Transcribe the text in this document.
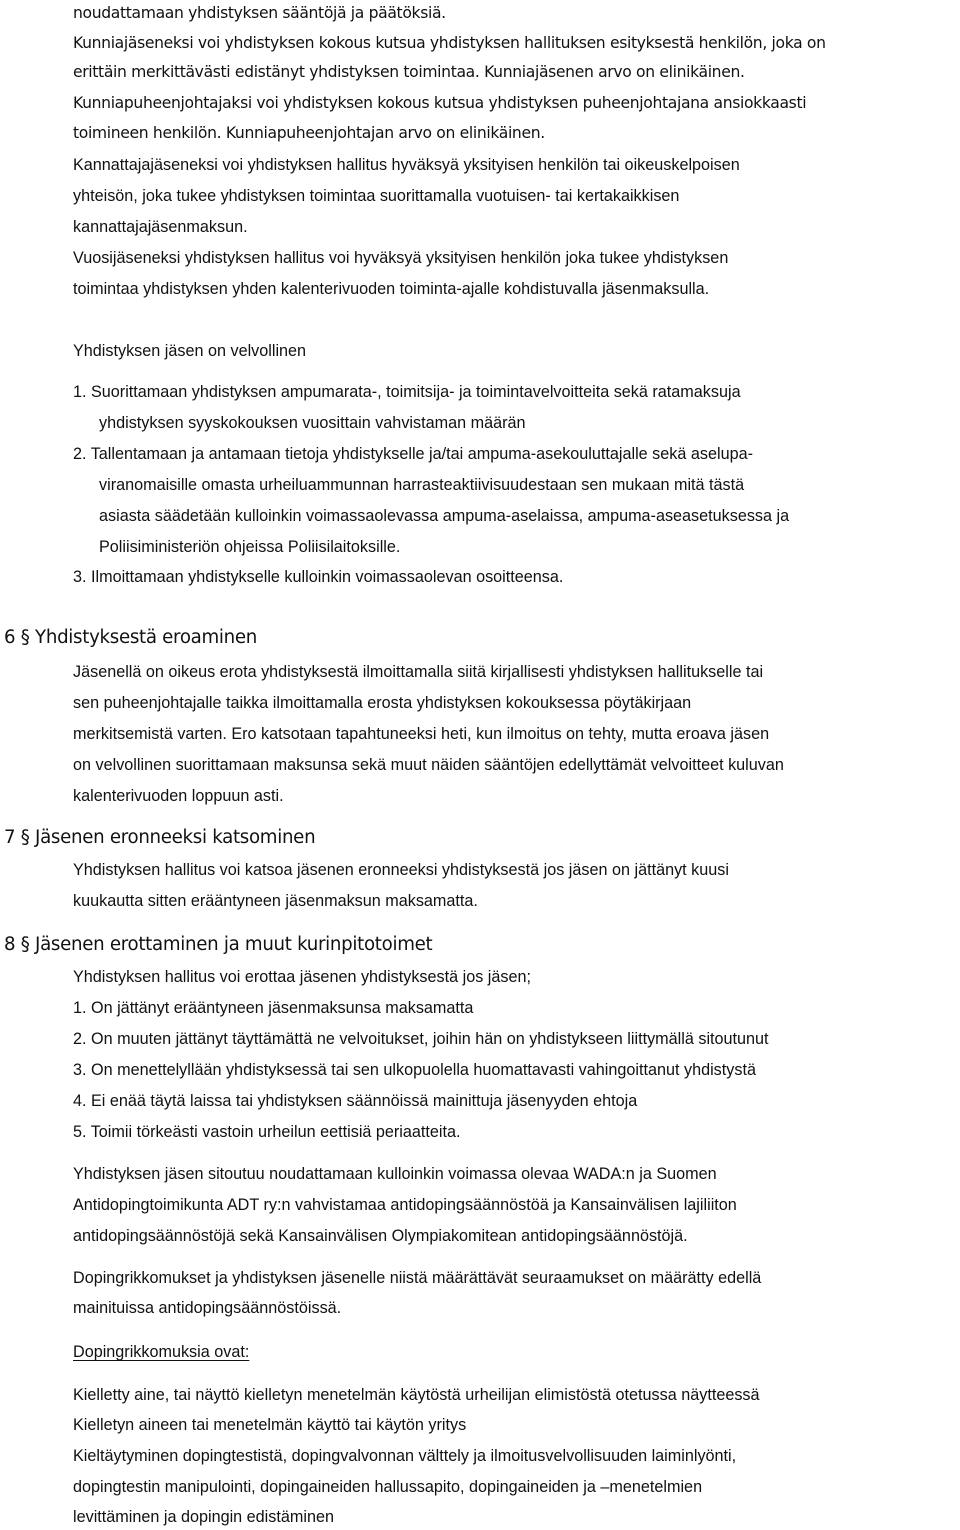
noudattamaan yhdistyksen sääntöjä ja päätöksiä.
Kunniajäseneksi voi yhdistyksen kokous kutsua yhdistyksen hallituksen esityksestä henkilön, joka on
erittäin merkittävästi edistänyt yhdistyksen toimintaa. Kunniajäsenen arvo on elinikäinen.
Kunniapuheenjohtajaksi voi yhdistyksen kokous kutsua yhdistyksen puheenjohtajana ansiokkaasti
toimineen henkilön. Kunniapuheenjohtajan arvo on elinikäinen.
Kannattajajäseneksi voi yhdistyksen hallitus hyväksyä yksityisen henkilön tai oikeuskelpoisen
yhteisön, joka tukee yhdistyksen toimintaa suorittamalla vuotuisen- tai kertakaikkisen
kannattajajäsenmaksun.
Vuosijäseneksi yhdistyksen hallitus voi hyväksyä yksityisen henkilön joka tukee yhdistyksen
toimintaa yhdistyksen yhden kalenterivuoden toiminta-ajalle kohdistuvalla jäsenmaksulla.
Yhdistyksen jäsen on velvollinen
1. Suorittamaan yhdistyksen ampumarata-, toimitsija- ja toimintavelvoitteita sekä ratamaksuja
yhdistyksen syyskokouksen vuosittain vahvistaman määrän
2. Tallentamaan ja antamaan tietoja yhdistykselle ja/tai ampuma-asekouluttajalle sekä aselupa-
viranomaisille omasta urheiluammunnan harrasteaktiivisuudestaan sen mukaan mitä tästä
asiasta säädetään kulloinkin voimassaolevassa ampuma-aselaissa, ampuma-aseasetuksessa ja
Poliisiministeriön ohjeissa Poliisilaitoksille.
3. Ilmoittamaan yhdistykselle kulloinkin voimassaolevan osoitteensa.
6 § Yhdistyksestä eroaminen
Jäsenellä on oikeus erota yhdistyksestä ilmoittamalla siitä kirjallisesti yhdistyksen hallitukselle tai
sen puheenjohtajalle taikka ilmoittamalla erosta yhdistyksen kokouksessa pöytäkirjaan
merkitsemistä varten. Ero katsotaan tapahtuneeksi heti, kun ilmoitus on tehty, mutta eroava jäsen
on velvollinen suorittamaan maksunsa sekä muut näiden sääntöjen edellyttämät velvoitteet kuluvan
kalenterivuoden loppuun asti.
7 § Jäsenen eronneeksi katsominen
Yhdistyksen hallitus voi katsoa jäsenen eronneeksi yhdistyksestä jos jäsen on jättänyt kuusi
kuukautta sitten erääntyneen jäsenmaksun maksamatta.
8 § Jäsenen erottaminen ja muut kurinpitotoimet
Yhdistyksen hallitus voi erottaa jäsenen yhdistyksestä jos jäsen;
1. On jättänyt erääntyneen jäsenmaksunsa maksamatta
2. On muuten jättänyt täyttämättä ne velvoitukset, joihin hän on yhdistykseen liittymällä sitoutunut
3. On menettelyllään yhdistyksessä tai sen ulkopuolella huomattavasti vahingoittanut yhdistystä
4. Ei enää täytä laissa tai yhdistyksen säännöissä mainittuja jäsenyyden ehtoja
5. Toimii törkeästi vastoin urheilun eettisiä periaatteita.
Yhdistyksen jäsen sitoutuu noudattamaan kulloinkin voimassa olevaa WADA:n ja Suomen
Antidopingtoimikunta ADT ry:n vahvistamaa antidopingsäännöstöä ja Kansainvälisen lajiliiton
antidopingsäännöstöjä sekä Kansainvälisen Olympiakomitean antidopingsäännöstöjä.
Dopingrikkomukset ja yhdistyksen jäsenelle niistä määrättävät seuraamukset on määrätty edellä
mainituissa antidopingsäännöstöissä.
Dopingrikkomuksia ovat:
Kielletty aine, tai näyttö kielletyn menetelmän käytöstä urheilijan elimistöstä otetussa näytteessä
Kielletyn aineen tai menetelmän käyttö tai käytön yritys
Kieltäytyminen dopingtestistä, dopingvalvonnan välttely ja ilmoitusvelvollisuuden laiminlyönti,
dopingtestin manipulointi, dopingaineiden hallussapito, dopingaineiden ja –menetelmien
levittäminen ja dopingin edistäminen
